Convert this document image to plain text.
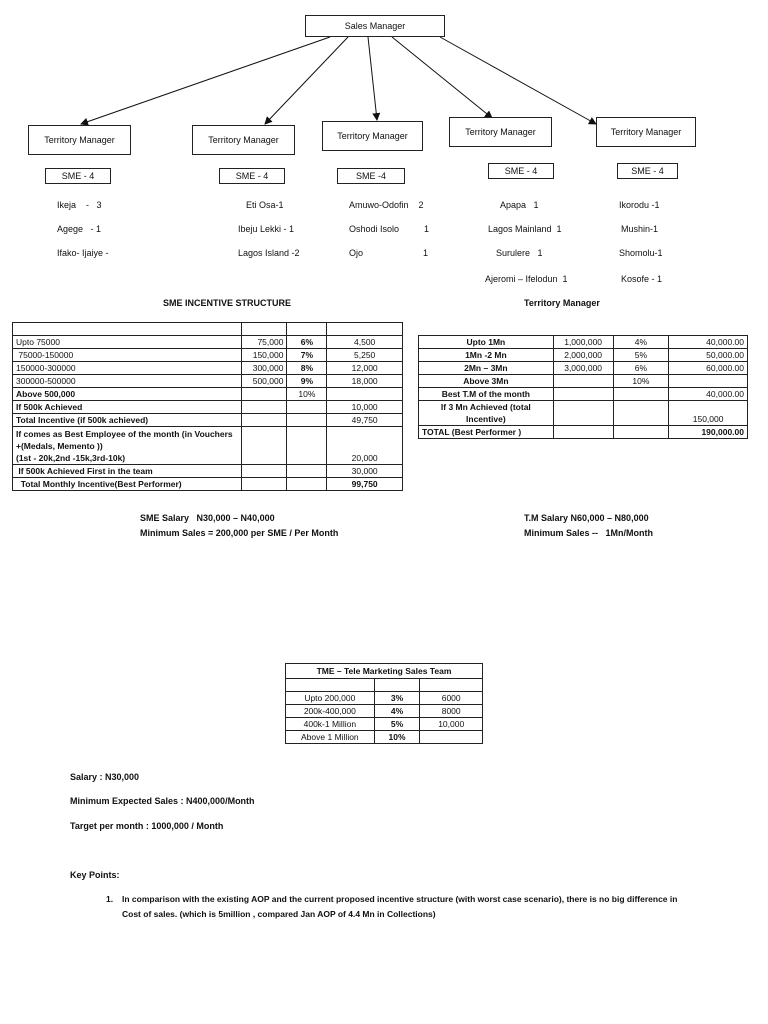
Sales Manager
Territory Manager	Territory Manager	Territory Manager	Territory Manager	Territory Manager
SME - 4	SME - 4	SME -4	SME - 4	SME - 4
Ikeja    -   3
Agege   - 1
Ifako- Ijaiye -
Eti Osa-1
Ibeju Lekki - 1
Lagos Island -2
Amuwo-Odofin    2
Oshodi Isolo          1
Ojo                        1
Apapa   1
Lagos Mainland  1
Surulere   1
Ajeromi – Ifelodun  1
Ikorodu -1
Mushin-1
Shomolu-1
Kosofe - 1
SME INCENTIVE STRUCTURE	Territory Manager

Upto 75000	75,000	6%	4,500
75000-150000	150,000	7%	5,250
150000-300000	300,000	8%	12,000
300000-500000	500,000	9%	18,000
Above 500,000		10%	
If 500k Achieved			10,000
Total Incentive (if 500k achieved)			49,750
If comes as Best Employee of the month (in Vouchers +(Medals, Memento ))
(1st - 20k,2nd -15k,3rd-10k)			20,000
If 500k Achieved First in the team			30,000
Total Monthly Incentive(Best Performer)			99,750
Upto 1Mn	1,000,000	4%	40,000.00
1Mn -2 Mn	2,000,000	5%	50,000.00
2Mn – 3Mn	3,000,000	6%	60,000.00
Above 3Mn		10%	
Best T.M of the month			40,000.00
If 3 Mn Achieved (total Incentive)			150,000
TOTAL (Best Performer )			190,000.00
SME Salary   N30,000 – N40,000
Minimum Sales = 200,000 per SME / Per Month
T.M Salary N60,000 – N80,000
Minimum Sales --   1Mn/Month
TME – Tele Marketing Sales Team		

Upto 200,000	3%	6000
200k-400,000	4%	8000
400k-1 Million	5%	10,000
Above 1 Million	10%	
Salary : N30,000
Minimum Expected Sales : N400,000/Month
Target per month : 1000,000 / Month
Key Points:
1. In comparison with the existing AOP and the current proposed incentive structure (with worst case scenario), there is no big difference in Cost of sales. (which is 5million , compared Jan AOP of 4.4 Mn in Collections)
